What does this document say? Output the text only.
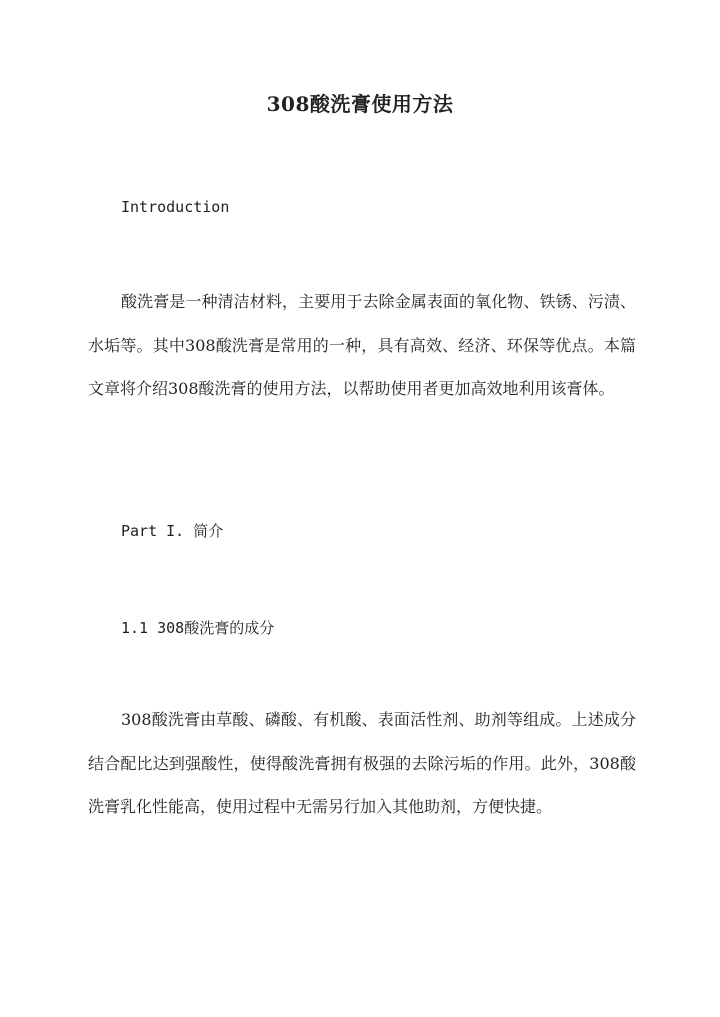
308酸洗膏使用方法
Introduction
酸洗膏是一种清洁材料，主要用于去除金属表面的氧化物、铁锈、污渍、水垢等。其中308酸洗膏是常用的一种，具有高效、经济、环保等优点。本篇文章将介绍308酸洗膏的使用方法，以帮助使用者更加高效地利用该膏体。
Part I. 简介
1.1 308酸洗膏的成分
308酸洗膏由草酸、磷酸、有机酸、表面活性剂、助剂等组成。上述成分结合配比达到强酸性，使得酸洗膏拥有极强的去除污垢的作用。此外，308酸洗膏乳化性能高，使用过程中无需另行加入其他助剂，方便快捷。
